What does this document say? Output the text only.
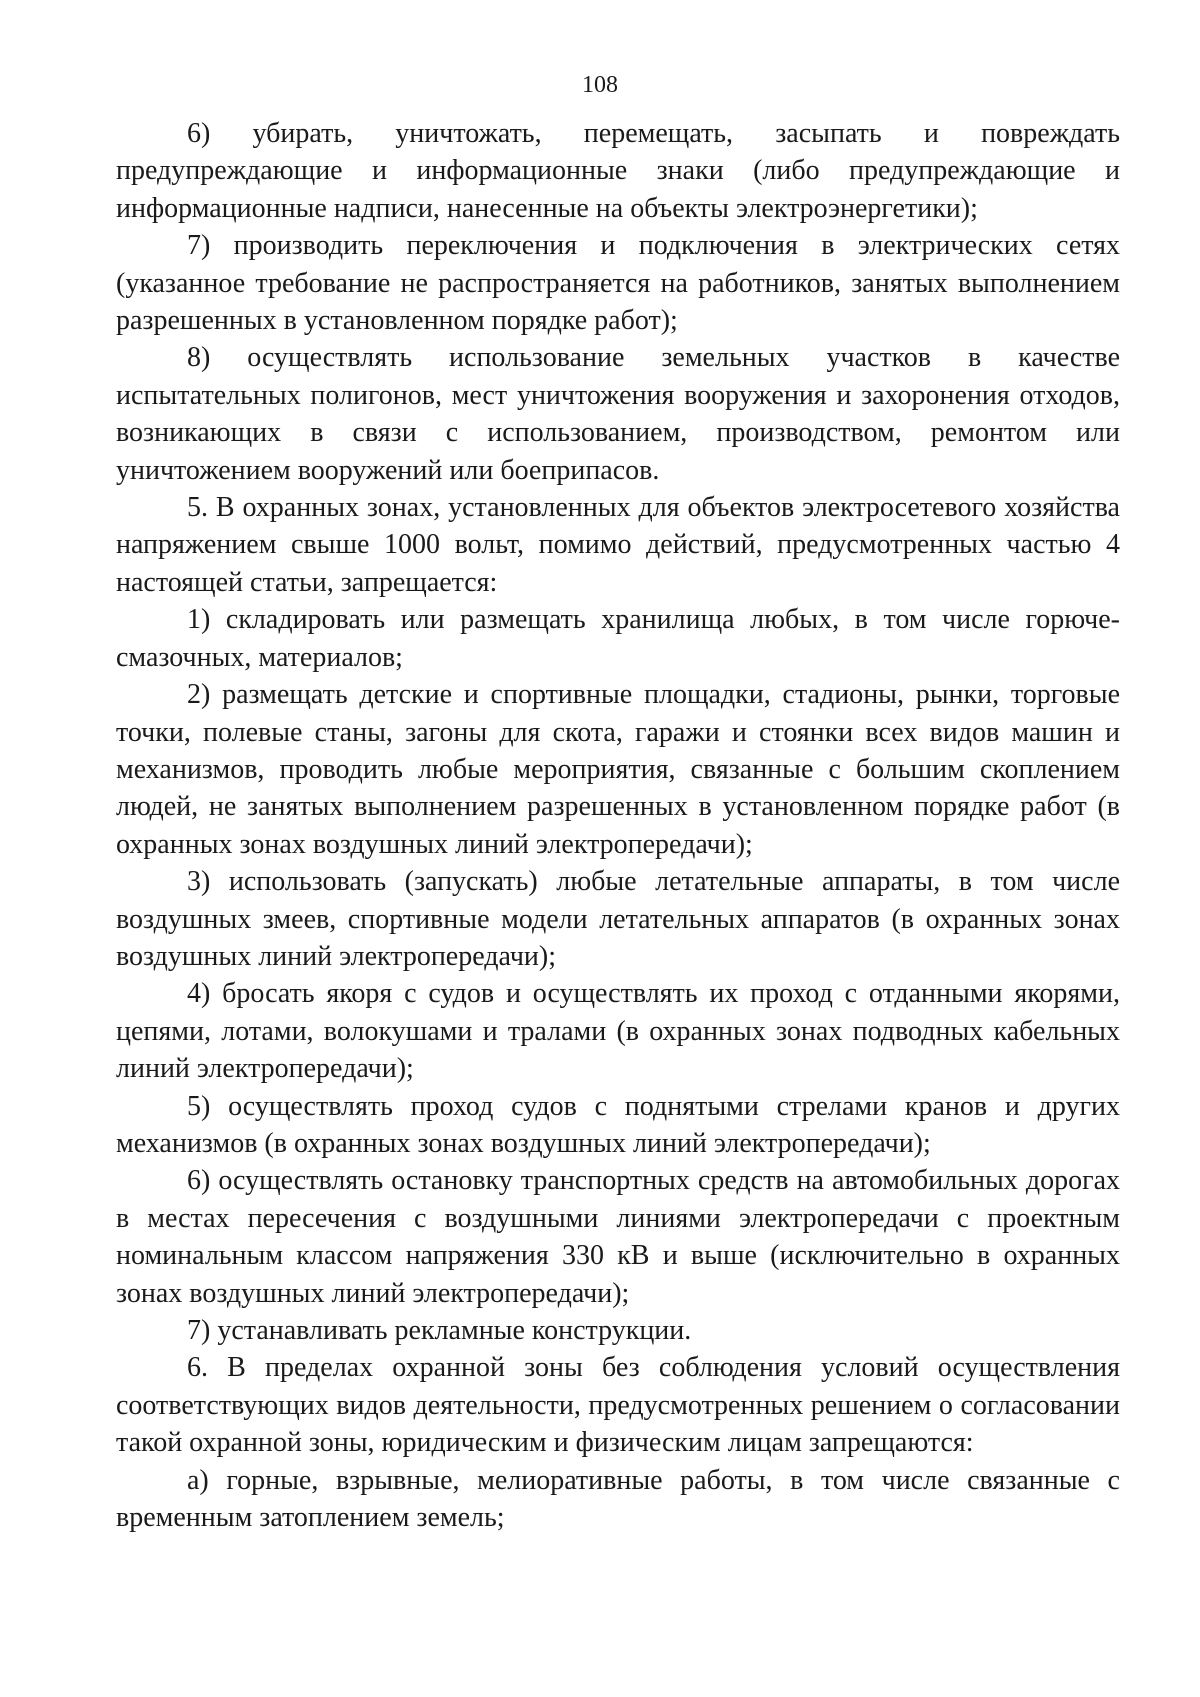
108

6) убирать, уничтожать, перемещать, засыпать и повреждать предупреждающие и информационные знаки (либо предупреждающие и информационные надписи, нанесенные на объекты электроэнергетики);

7) производить переключения и подключения в электрических сетях (указанное требование не распространяется на работников, занятых выполнением разрешенных в установленном порядке работ);

8) осуществлять использование земельных участков в качестве испытательных полигонов, мест уничтожения вооружения и захоронения отходов, возникающих в связи с использованием, производством, ремонтом или уничтожением вооружений или боеприпасов.

5. В охранных зонах, установленных для объектов электросетевого хозяйства напряжением свыше 1000 вольт, помимо действий, предусмотренных частью 4 настоящей статьи, запрещается:

1) складировать или размещать хранилища любых, в том числе горюче-смазочных, материалов;

2) размещать детские и спортивные площадки, стадионы, рынки, торговые точки, полевые станы, загоны для скота, гаражи и стоянки всех видов машин и механизмов, проводить любые мероприятия, связанные с большим скоплением людей, не занятых выполнением разрешенных в установленном порядке работ (в охранных зонах воздушных линий электропередачи);

3) использовать (запускать) любые летательные аппараты, в том числе воздушных змеев, спортивные модели летательных аппаратов (в охранных зонах воздушных линий электропередачи);

4) бросать якоря с судов и осуществлять их проход с отданными якорями, цепями, лотами, волокушами и тралами (в охранных зонах подводных кабельных линий электропередачи);

5) осуществлять проход судов с поднятыми стрелами кранов и других механизмов (в охранных зонах воздушных линий электропередачи);

6) осуществлять остановку транспортных средств на автомобильных дорогах в местах пересечения с воздушными линиями электропередачи с проектным номинальным классом напряжения 330 кВ и выше (исключительно в охранных зонах воздушных линий электропередачи);

7) устанавливать рекламные конструкции.

6. В пределах охранной зоны без соблюдения условий осуществления соответствующих видов деятельности, предусмотренных решением о согласовании такой охранной зоны, юридическим и физическим лицам запрещаются:

а) горные, взрывные, мелиоративные работы, в том числе связанные с временным затоплением земель;
